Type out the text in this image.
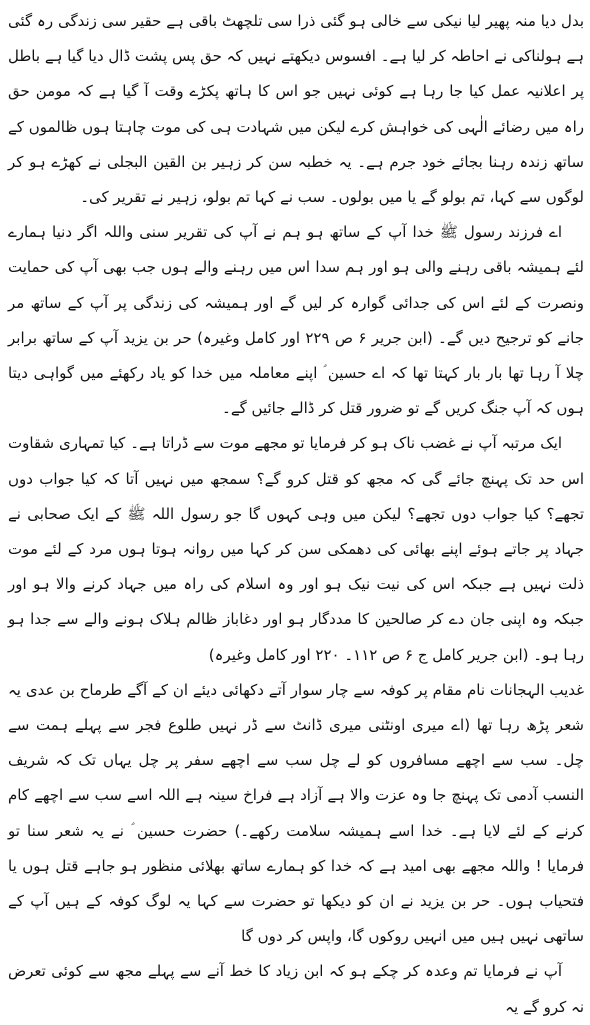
بدل دیا منہ پھیر لیا نیکی سے خالی ہو گئی ذرا سی تلچھٹ باقی ہے حقیر سی زندگی رہ گئی ہے ہولناکی نے احاطہ کر لیا ہے۔ افسوس دیکھتے نہیں کہ حق پس پشت ڈال دیا گیا ہے باطل پر اعلانیہ عمل کیا جا رہا ہے کوئی نہیں جو اس کا ہاتھ پکڑے وقت آ گیا ہے کہ مومن حق راہ میں رضائے الٰہی کی خواہش کرے لیکن میں شہادت ہی کی موت چاہتا ہوں ظالموں کے ساتھ زندہ رہنا بجائے خود جرم ہے۔ یہ خطبہ سن کر زہیر بن القین البجلی نے کھڑے ہو کر لوگوں سے کہا، تم بولو گے یا میں بولوں۔ سب نے کہا تم بولو، زہیر نے تقریر کی۔

اے فرزند رسول ﷺ خدا آپ کے ساتھ ہو ہم نے آپ کی تقریر سنی واللہ اگر دنیا ہمارے لئے ہمیشہ باقی رہنے والی ہو اور ہم سدا اس میں رہنے والے ہوں جب بھی آپ کی حمایت ونصرت کے لئے اس کی جدائی گوارہ کر لیں گے اور ہمیشہ کی زندگی پر آپ کے ساتھ مر جانے کو ترجیح دیں گے۔ (ابن جریر ۶ ص ۲۲۹ اور کامل وغیرہ) حر بن یزید آپ کے ساتھ برابر چلا آ رہا تھا بار بار کہتا تھا کہ اے حسین ؑ اپنے معاملہ میں خدا کو یاد رکھئے میں گواہی دیتا ہوں کہ آپ جنگ کریں گے تو ضرور قتل کر ڈالے جائیں گے۔

ایک مرتبہ آپ نے غضب ناک ہو کر فرمایا تو مجھے موت سے ڈراتا ہے۔ کیا تمہاری شقاوت اس حد تک پہنچ جائے گی کہ مجھ کو قتل کرو گے؟ سمجھ میں نہیں آتا کہ کیا جواب دوں تجھے؟ کیا جواب دوں تجھے؟ لیکن میں وہی کہوں گا جو رسول اللہ ﷺ کے ایک صحابی نے جہاد پر جاتے ہوئے اپنے بھائی کی دھمکی سن کر کہا میں روانہ ہوتا ہوں مرد کے لئے موت ذلت نہیں ہے جبکہ اس کی نیت نیک ہو اور وہ اسلام کی راہ میں جہاد کرنے والا ہو اور جبکہ وہ اپنی جان دے کر صالحین کا مددگار ہو اور دغاباز ظالم ہلاک ہونے والے سے جدا ہو رہا ہو۔ (ابن جریر کامل ج ۶ ص ۱۱۲۔ ۲۲۰ اور کامل وغیرہ)

غدیب الہجانات نام مقام پر کوفہ سے چار سوار آتے دکھائی دیئے ان کے آگے طرماح بن عدی یہ شعر پڑھ رہا تھا (اے میری اونٹنی میری ڈانٹ سے ڈر نہیں طلوع فجر سے پہلے ہمت سے چل۔ سب سے اچھے مسافروں کو لے چل سب سے اچھے سفر پر چل یہاں تک کہ شریف النسب آدمی تک پہنچ جا وہ عزت والا ہے آزاد ہے فراخ سینہ ہے اللہ اسے سب سے اچھے کام کرنے کے لئے لایا ہے۔ خدا اسے ہمیشہ سلامت رکھے۔) حضرت حسین ؑ نے یہ شعر سنا تو فرمایا ! واللہ مجھے بھی امید ہے کہ خدا کو ہمارے ساتھ بھلائی منظور ہو جاہے قتل ہوں یا فتحیاب ہوں۔ حر بن یزید نے ان کو دیکھا تو حضرت سے کہا یہ لوگ کوفہ کے ہیں آپ کے ساتھی نہیں ہیں میں انہیں روکوں گا، واپس کر دوں گا

آپ نے فرمایا تم وعدہ کر چکے ہو کہ ابن زیاد کا خط آنے سے پہلے مجھ سے کوئی تعرض نہ کرو گے یہ
